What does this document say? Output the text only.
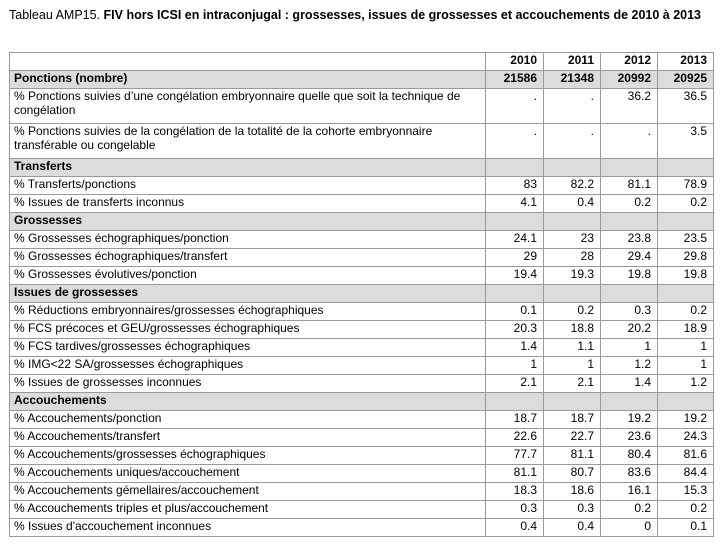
Tableau AMP15. FIV hors ICSI en intraconjugal : grossesses, issues de grossesses et accouchements de 2010 à 2013
	2010	2011	2012	2013
Ponctions (nombre)	21586	21348	20992	20925
% Ponctions suivies d’une congélation embryonnaire quelle que soit la technique de congélation	.	.	36.2	36.5
% Ponctions suivies de la congélation de la totalité de la cohorte embryonnaire transférable ou congelable	.	.	.	3.5
Transferts				
% Transferts/ponctions	83	82.2	81.1	78.9
% Issues de transferts inconnus	4.1	0.4	0.2	0.2
Grossesses				
% Grossesses échographiques/ponction	24.1	23	23.8	23.5
% Grossesses échographiques/transfert	29	28	29.4	29.8
% Grossesses évolutives/ponction	19.4	19.3	19.8	19.8
Issues de grossesses				
% Réductions embryonnaires/grossesses échographiques	0.1	0.2	0.3	0.2
% FCS précoces et GEU/grossesses échographiques	20.3	18.8	20.2	18.9
% FCS tardives/grossesses échographiques	1.4	1.1	1	1
% IMG<22 SA/grossesses échographiques	1	1	1.2	1
% Issues de grossesses inconnues	2.1	2.1	1.4	1.2
Accouchements				
% Accouchements/ponction	18.7	18.7	19.2	19.2
% Accouchements/transfert	22.6	22.7	23.6	24.3
% Accouchements/grossesses échographiques	77.7	81.1	80.4	81.6
% Accouchements uniques/accouchement	81.1	80.7	83.6	84.4
% Accouchements gémellaires/accouchement	18.3	18.6	16.1	15.3
% Accouchements triples et plus/accouchement	0.3	0.3	0.2	0.2
% Issues d'accouchement inconnues	0.4	0.4	0	0.1
